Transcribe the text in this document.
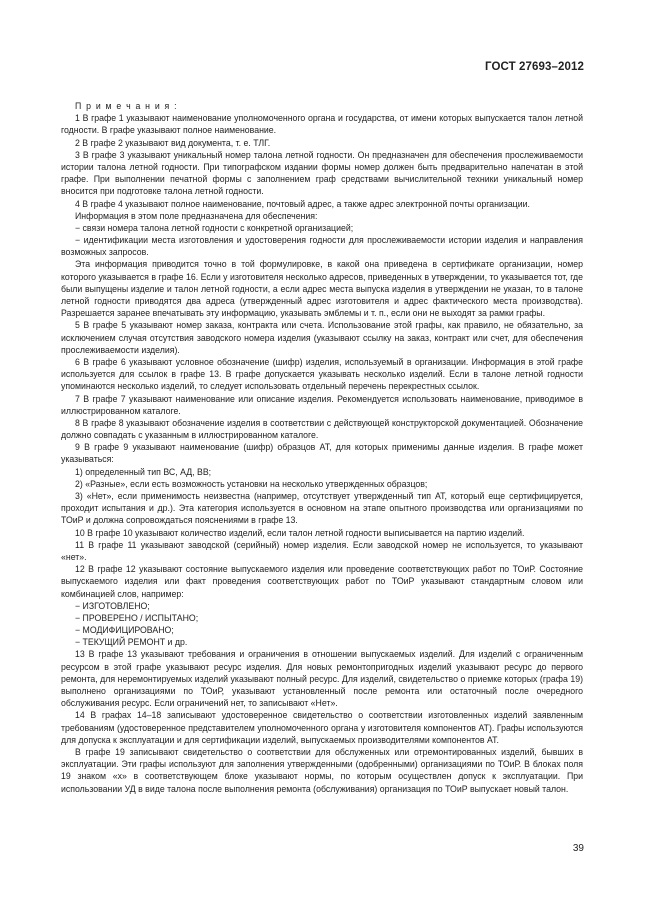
ГОСТ 27693–2012

П р и м е ч а н и я :

1 В графе 1 указывают наименование уполномоченного органа и государства, от имени которых выпускается талон летной годности. В графе указывают полное наименование.

2 В графе 2 указывают вид документа, т. е. ТЛГ.

3 В графе 3 указывают уникальный номер талона летной годности. Он предназначен для обеспечения прослеживаемости истории талона летной годности. При типографском издании формы номер должен быть предварительно напечатан в этой графе. При выполнении печатной формы с заполнением граф средствами вычислительной техники уникальный номер вносится при подготовке талона летной годности.

4 В графе 4 указывают полное наименование, почтовый адрес, а также адрес электронной почты организации.

Информация в этом поле предназначена для обеспечения:

− связи номера талона летной годности с конкретной организацией;

− идентификации места изготовления и удостоверения годности для прослеживаемости истории изделия и направления возможных запросов.

Эта информация приводится точно в той формулировке, в какой она приведена в сертификате организации, номер которого указывается в графе 16. Если у изготовителя несколько адресов, приведенных в утверждении, то указывается тот, где были выпущены изделие и талон летной годности, а если адрес места выпуска изделия в утверждении не указан, то в талоне летной годности приводятся два адреса (утвержденный адрес изготовителя и адрес фактического места производства). Разрешается заранее впечатывать эту информацию, указывать эмблемы и т. п., если они не выходят за рамки графы.

5 В графе 5 указывают номер заказа, контракта или счета. Использование этой графы, как правило, не обязательно, за исключением случая отсутствия заводского номера изделия (указывают ссылку на заказ, контракт или счет, для обеспечения прослеживаемости изделия).

6 В графе 6 указывают условное обозначение (шифр) изделия, используемый в организации. Информация в этой графе используется для ссылок в графе 13. В графе допускается указывать несколько изделий. Если в талоне летной годности упоминаются несколько изделий, то следует использовать отдельный перечень перекрестных ссылок.

7 В графе 7 указывают наименование или описание изделия. Рекомендуется использовать наименование, приводимое в иллюстрированном каталоге.

8 В графе 8 указывают обозначение изделия в соответствии с действующей конструкторской документацией. Обозначение должно совпадать с указанным в иллюстрированном каталоге.

9 В графе 9 указывают наименование (шифр) образцов АТ, для которых применимы данные изделия. В графе может указываться:

1) определенный тип ВС, АД, ВВ;

2) «Разные», если есть возможность установки на несколько утвержденных образцов;

3) «Нет», если применимость неизвестна (например, отсутствует утвержденный тип АТ, который еще сертифицируется, проходит испытания и др.). Эта категория используется в основном на этапе опытного производства или организациями по ТОиР и должна сопровождаться пояснениями в графе 13.

10 В графе 10 указывают количество изделий, если талон летной годности выписывается на партию изделий.

11 В графе 11 указывают заводской (серийный) номер изделия. Если заводской номер не используется, то указывают «нет».

12 В графе 12 указывают состояние выпускаемого изделия или проведение соответствующих работ по ТОиР. Состояние выпускаемого изделия или факт проведения соответствующих работ по ТОиР указывают стандартным словом или комбинацией слов, например:

− ИЗГОТОВЛЕНО;

− ПРОВЕРЕНО / ИСПЫТАНО;

− МОДИФИЦИРОВАНО;

− ТЕКУЩИЙ РЕМОНТ и др.

13 В графе 13 указывают требования и ограничения в отношении выпускаемых изделий. Для изделий с ограниченным ресурсом в этой графе указывают ресурс изделия. Для новых ремонтопригодных изделий указывают ресурс до первого ремонта, для неремонтируемых изделий указывают полный ресурс. Для изделий, свидетельство о приемке которых (графа 19) выполнено организациями по ТОиР, указывают установленный после ремонта или остаточный после очередного обслуживания ресурс. Если ограничений нет, то записывают «Нет».

14 В графах 14–18 записывают удостоверенное свидетельство о соответствии изготовленных изделий заявленным требованиям (удостоверенное представителем уполномоченного органа у изготовителя компонентов АТ). Графы используются для допуска к эксплуатации и для сертификации изделий, выпускаемых производителями компонентов АТ.

В графе 19 записывают свидетельство о соответствии для обслуженных или отремонтированных изделий, бывших в эксплуатации. Эти графы используют для заполнения утвержденными (одобренными) организациями по ТОиР. В блоках поля 19 знаком «х» в соответствующем блоке указывают нормы, по которым осуществлен допуск к эксплуатации. При использовании УД в виде талона после выполнения ремонта (обслуживания) организация по ТОиР выпускает новый талон.

39
